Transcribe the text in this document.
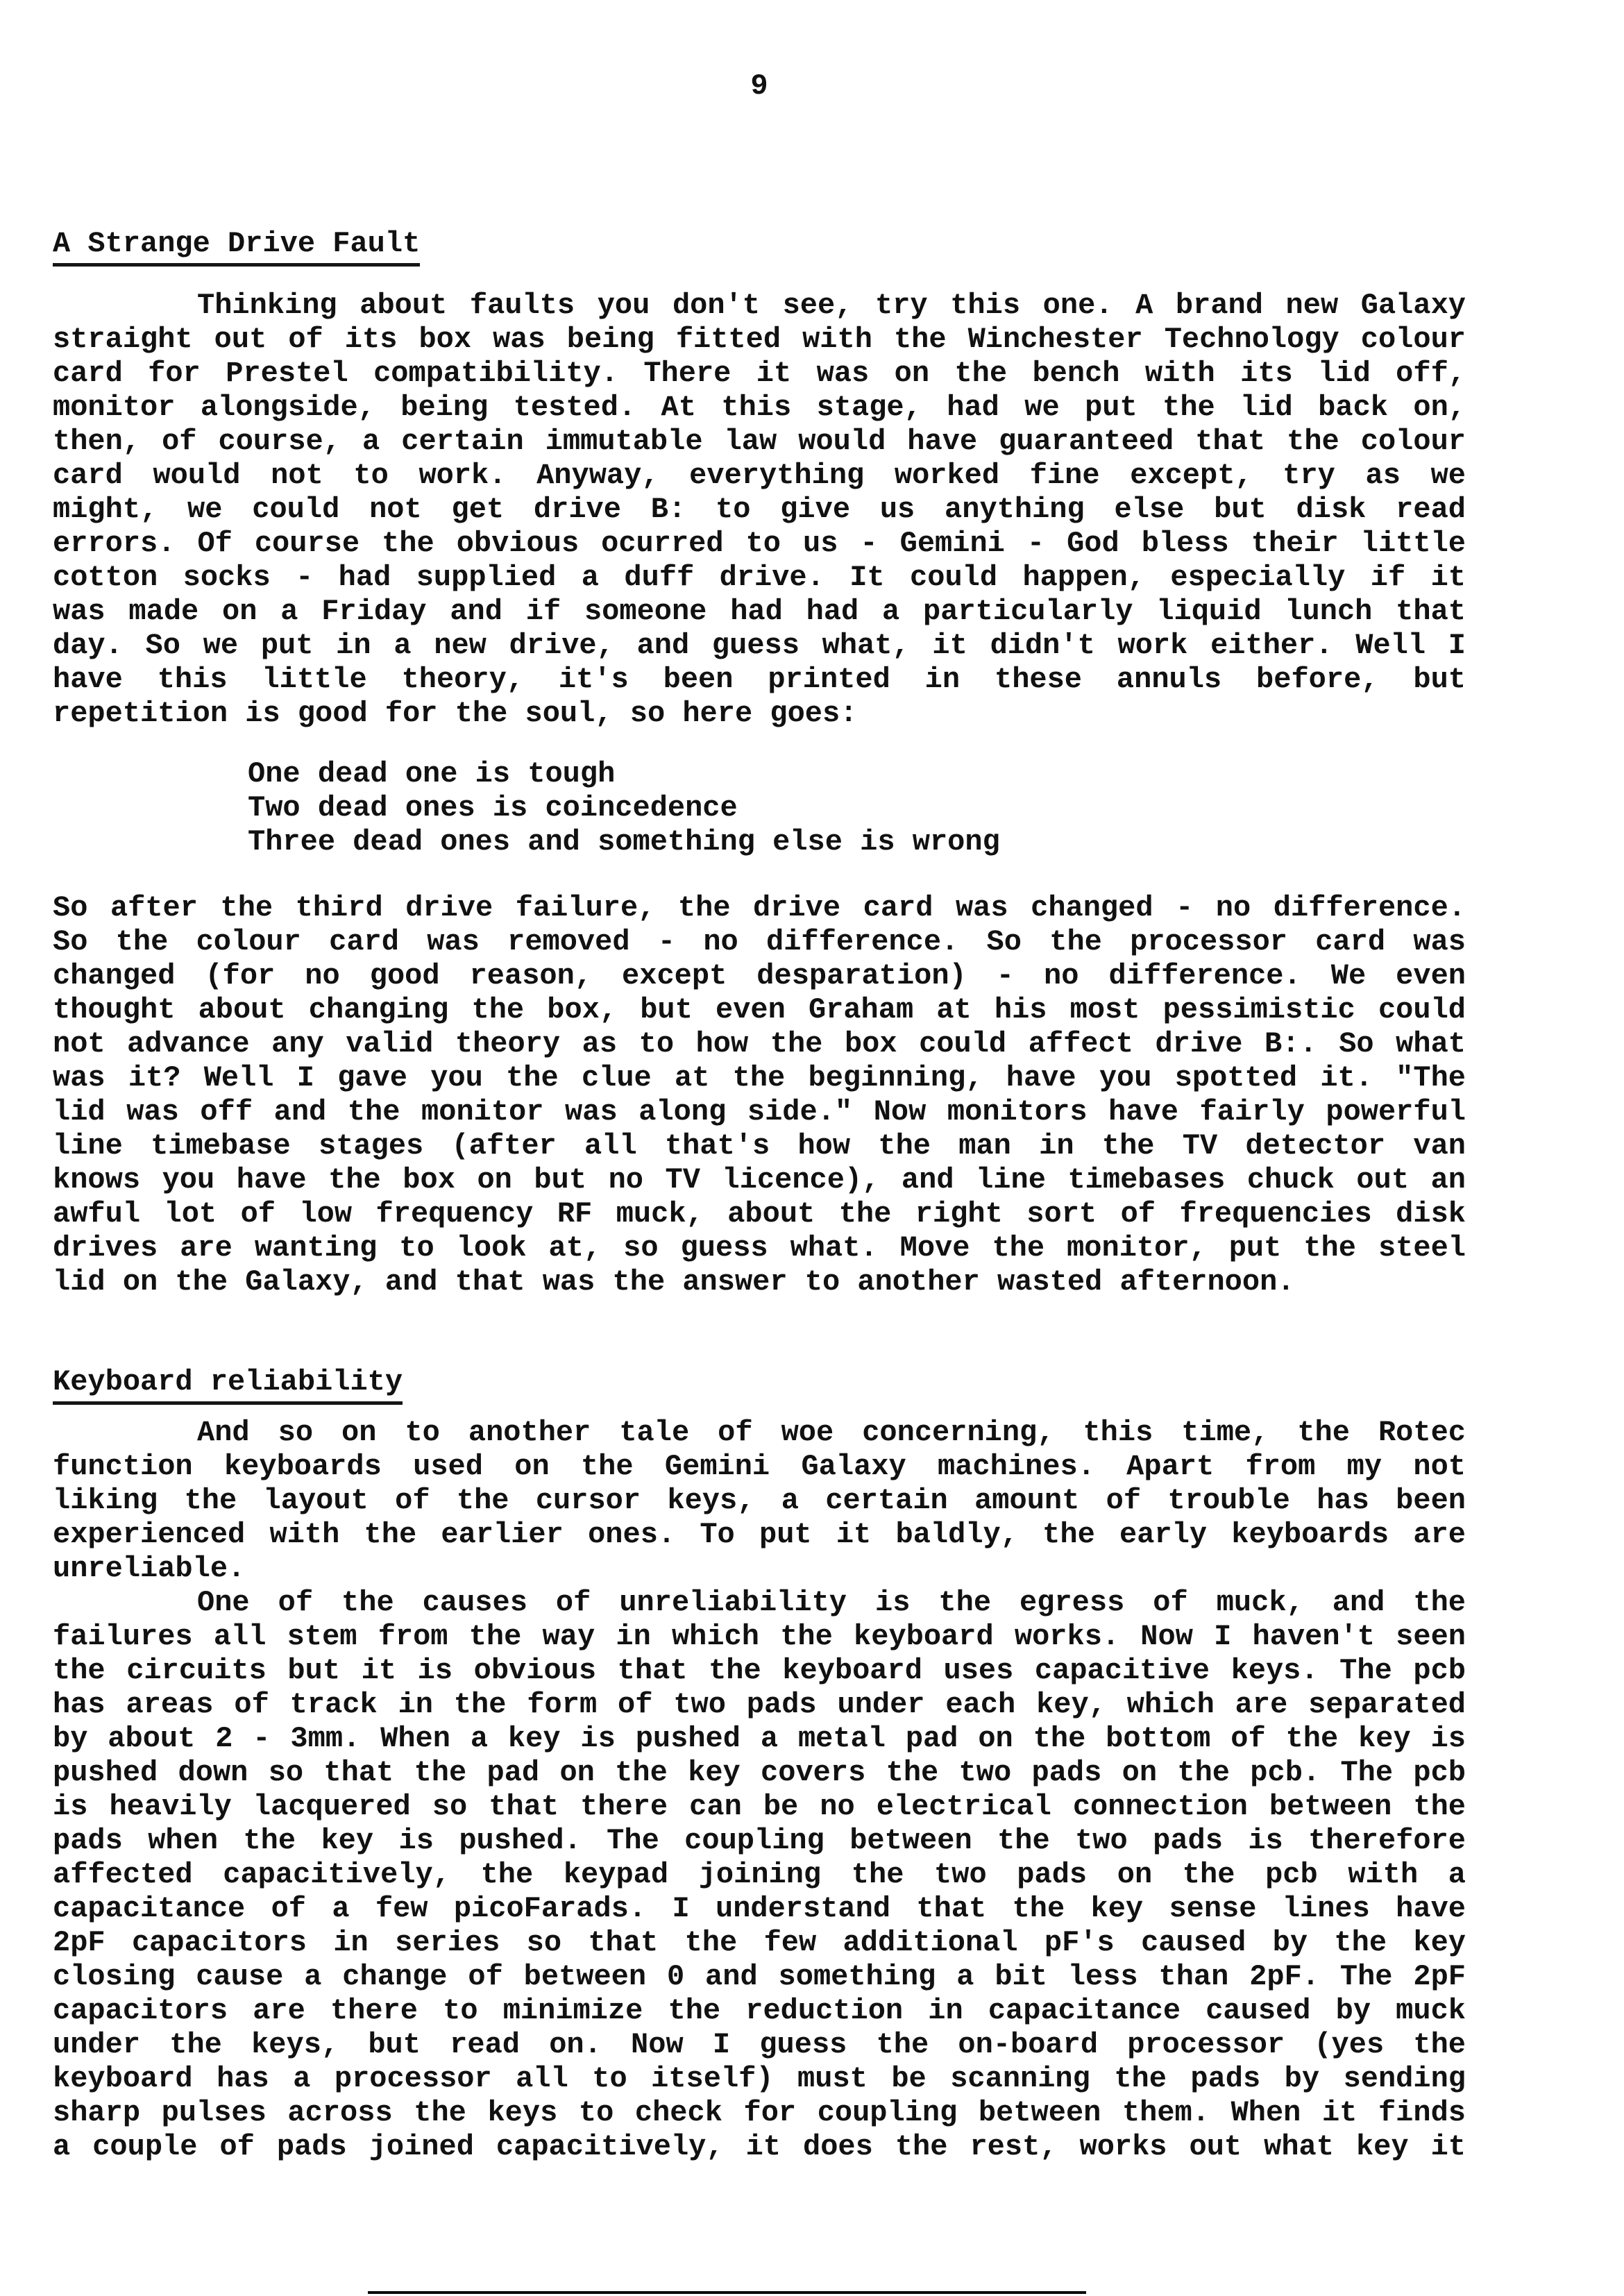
9
A Strange Drive Fault
Thinking about faults you don't see, try this one. A brand new Galaxy
straight out of its box was being fitted with the Winchester Technology colour
card for Prestel compatibility. There it was on the bench with its lid off,
monitor alongside, being tested. At this stage, had we put the lid back on,
then, of course, a certain immutable law would have guaranteed that the colour
card would not to work. Anyway, everything worked fine except, try as we
might, we could not get drive B: to give us anything else but disk read
errors. Of course the obvious ocurred to us - Gemini - God bless their little
cotton socks - had supplied a duff drive. It could happen, especially if it
was made on a Friday and if someone had had a particularly liquid lunch that
day. So we put in a new drive, and guess what, it didn't work either. Well I
have this little theory, it's been printed in these annuls before, but
repetition is good for the soul, so here goes:
One dead one is tough
Two dead ones is coincedence
Three dead ones and something else is wrong
So after the third drive failure, the drive card was changed - no difference.
So the colour card was removed - no difference. So the processor card was
changed (for no good reason, except desparation) - no difference. We even
thought about changing the box, but even Graham at his most pessimistic could
not advance any valid theory as to how the box could affect drive B:. So what
was it? Well I gave you the clue at the beginning, have you spotted it. "The
lid was off and the monitor was along side." Now monitors have fairly powerful
line timebase stages (after all that's how the man in the TV detector van
knows you have the box on but no TV licence), and line timebases chuck out an
awful lot of low frequency RF muck, about the right sort of frequencies disk
drives are wanting to look at, so guess what. Move the monitor, put the steel
lid on the Galaxy, and that was the answer to another wasted afternoon.
Keyboard reliability
And so on to another tale of woe concerning, this time, the Rotec
function keyboards used on the Gemini Galaxy machines. Apart from my not
liking the layout of the cursor keys, a certain amount of trouble has been
experienced with the earlier ones. To put it baldly, the early keyboards are
unreliable.
One of the causes of unreliability is the egress of muck, and the
failures all stem from the way in which the keyboard works. Now I haven't seen
the circuits but it is obvious that the keyboard uses capacitive keys. The pcb
has areas of track in the form of two pads under each key, which are separated
by about 2 - 3mm. When a key is pushed a metal pad on the bottom of the key is
pushed down so that the pad on the key covers the two pads on the pcb. The pcb
is heavily lacquered so that there can be no electrical connection between the
pads when the key is pushed. The coupling between the two pads is therefore
affected capacitively, the keypad joining the two pads on the pcb with a
capacitance of a few picoFarads. I understand that the key sense lines have
2pF capacitors in series so that the few additional pF's caused by the key
closing cause a change of between 0 and something a bit less than 2pF. The 2pF
capacitors are there to minimize the reduction in capacitance caused by muck
under the keys, but read on. Now I guess the on-board processor (yes the
keyboard has a processor all to itself) must be scanning the pads by sending
sharp pulses across the keys to check for coupling between them. When it finds
a couple of pads joined capacitively, it does the rest, works out what key it
